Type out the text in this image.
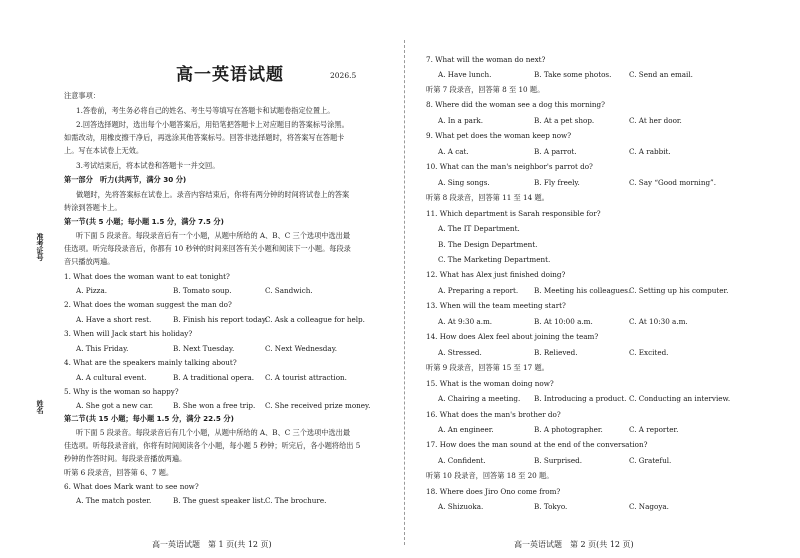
准考证号
姓名
高一英语试题	2026.5
注意事项：
1.答卷前，考生务必将自己的姓名、考生号等填写在答题卡和试题卷指定位置上。
2.回答选择题时，选出每个小题答案后，用铅笔把答题卡上对应题目的答案标号涂黑。
如需改动，用橡皮擦干净后，再选涂其他答案标号。回答非选择题时，将答案写在答题卡
上。写在本试卷上无效。
3.考试结束后，将本试卷和答题卡一并交回。
第一部分　听力(共两节，满分 30 分)
做题时，先将答案标在试卷上。录音内容结束后，你将有两分钟的时间将试卷上的答案
转涂到答题卡上。
第一节(共 5 小题；每小题 1.5 分，满分 7.5 分)
听下面 5 段录音。每段录音后有一个小题，从题中所给的 A、B、C 三个选项中选出最
佳选项。听完每段录音后，你都有 10 秒钟的时间来回答有关小题和阅读下一小题。每段录
音只播放两遍。
1. What does the woman want to eat tonight?
A. Pizza.	B. Tomato soup.	C. Sandwich.
2. What does the woman suggest the man do?
A. Have a short rest.	B. Finish his report today.
C. Ask a colleague for help.
3. When will Jack start his holiday?
A. This Friday.	B. Next Tuesday.	C. Next Wednesday.
4. What are the speakers mainly talking about?
A. A cultural event.	B. A traditional opera. C. A tourist attraction.
5. Why is the woman so happy?
A. She got a new car.	B. She won a free trip. C. She received prize money.
第二节(共 15 小题；每小题 1.5 分，满分 22.5 分)
听下面 5 段录音。每段录音后有几个小题，从题中所给的 A、B、C 三个选项中选出最
佳选项。听每段录音前，你将有时间阅读各个小题，每小题 5 秒钟；听完后，各小题将给出 5
秒钟的作答时间。每段录音播放两遍。
听第 6 段录音，回答第 6、7 题。
6. What does Mark want to see now?
A. The match poster.	B. The guest speaker list. C. The brochure.
高一英语试题　第 1 页(共 12 页)
7. What will the woman do next?
A. Have lunch.	B. Take some photos. C. Send an email.
听第 7 段录音，回答第 8 至 10 题。
8. Where did the woman see a dog this morning?
A. In a park.	B. At a pet shop.	C. At her door.
9. What pet does the woman keep now?
A. A cat.	B. A parrot.	C. A rabbit.
10. What can the man's neighbor's parrot do?
A. Sing songs.	B. Fly freely.	C. Say “Good morning”.
听第 8 段录音，回答第 11 至 14 题。
11. Which department is Sarah responsible for?
A. The IT Department.
B. The Design Department.
C. The Marketing Department.
12. What has Alex just finished doing?
A. Preparing a report. B. Meeting his colleagues.
C. Setting up his computer.
13. When will the team meeting start?
A. At 9:30 a.m.	B. At 10:00 a.m.	C. At 10:30 a.m.
14. How does Alex feel about joining the team?
A. Stressed.	B. Relieved.	C. Excited.
听第 9 段录音，回答第 15 至 17 题。
15. What is the woman doing now?
A. Chairing a meeting. B. Introducing a product. C. Conducting an interview.
16. What does the man's brother do?
A. An engineer.	B. A photographer.	C. A reporter.
17. How does the man sound at the end of the conversation?
A. Confident.	B. Surprised.	C. Grateful.
听第 10 段录音，回答第 18 至 20 题。
18. Where does Jiro Ono come from?
A. Shizuoka.	B. Tokyo.	C. Nagoya.
高一英语试题　第 2 页(共 12 页)
